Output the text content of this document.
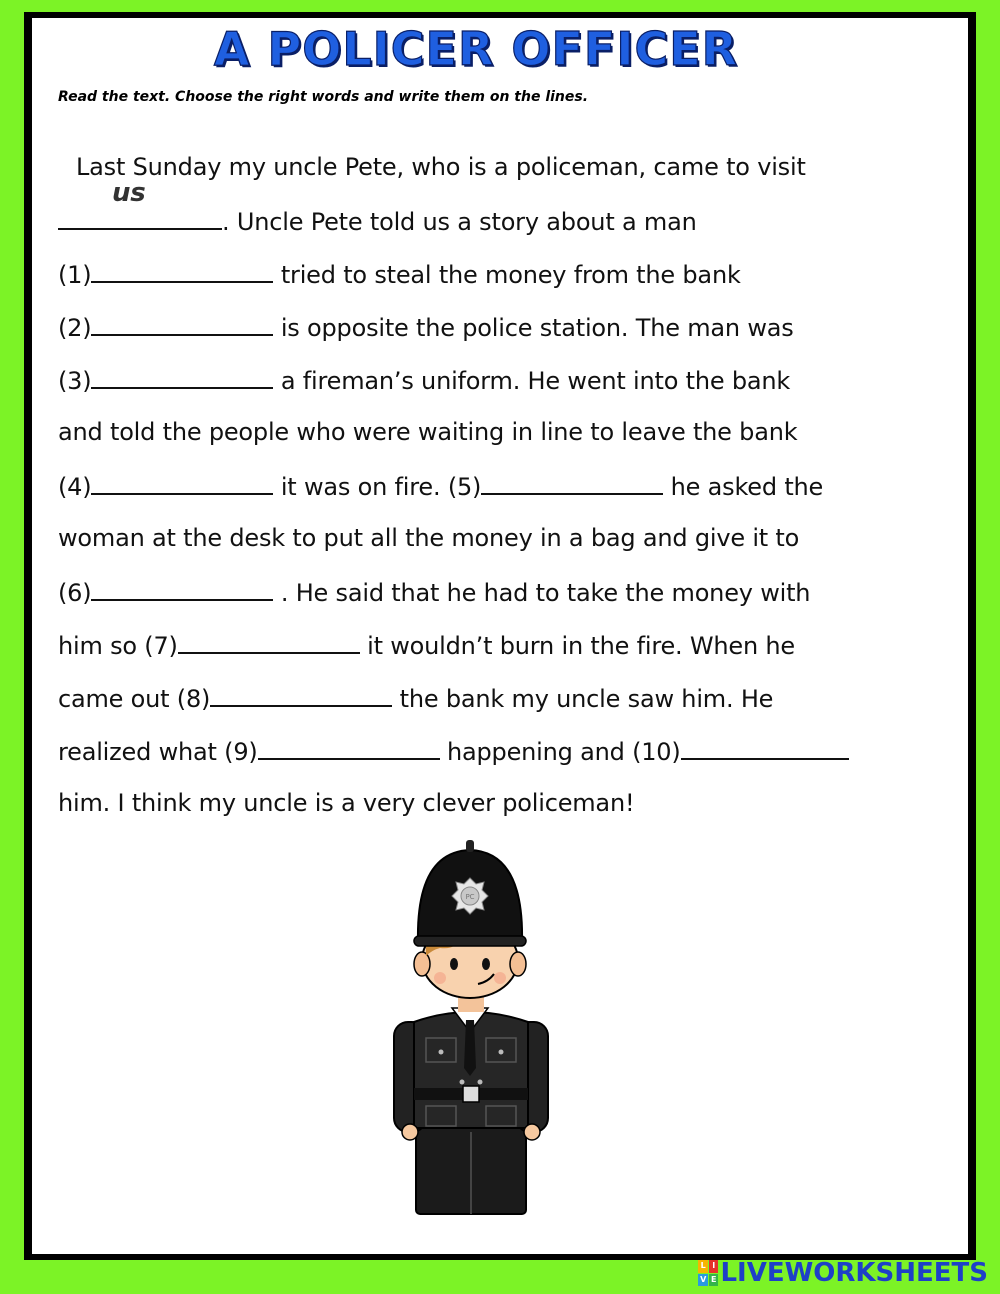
A POLICER OFFICER
Read the text. Choose the right words and write them on the lines.
Last Sunday my uncle Pete, who is a policeman, came to visit
us
. Uncle Pete told us a story about a man
(1)	tried to steal the money from the bank
(2)	is opposite the police station. The man was
(3)	a fireman’s uniform. He went into the bank
and told the people who were waiting in line to leave the bank
(4)	it was on fire. (5)	he asked the
woman at the desk to put all the money in a bag and give it to
(6)	. He said that he had to take the money with
him so (7)	it wouldn’t burn in the fire. When he
came out (8)	the bank my uncle saw him. He
realized what (9)	happening and (10)
him. I think my uncle is a very clever policeman!
PC
L I
V E LIVEWORKSHEETS
